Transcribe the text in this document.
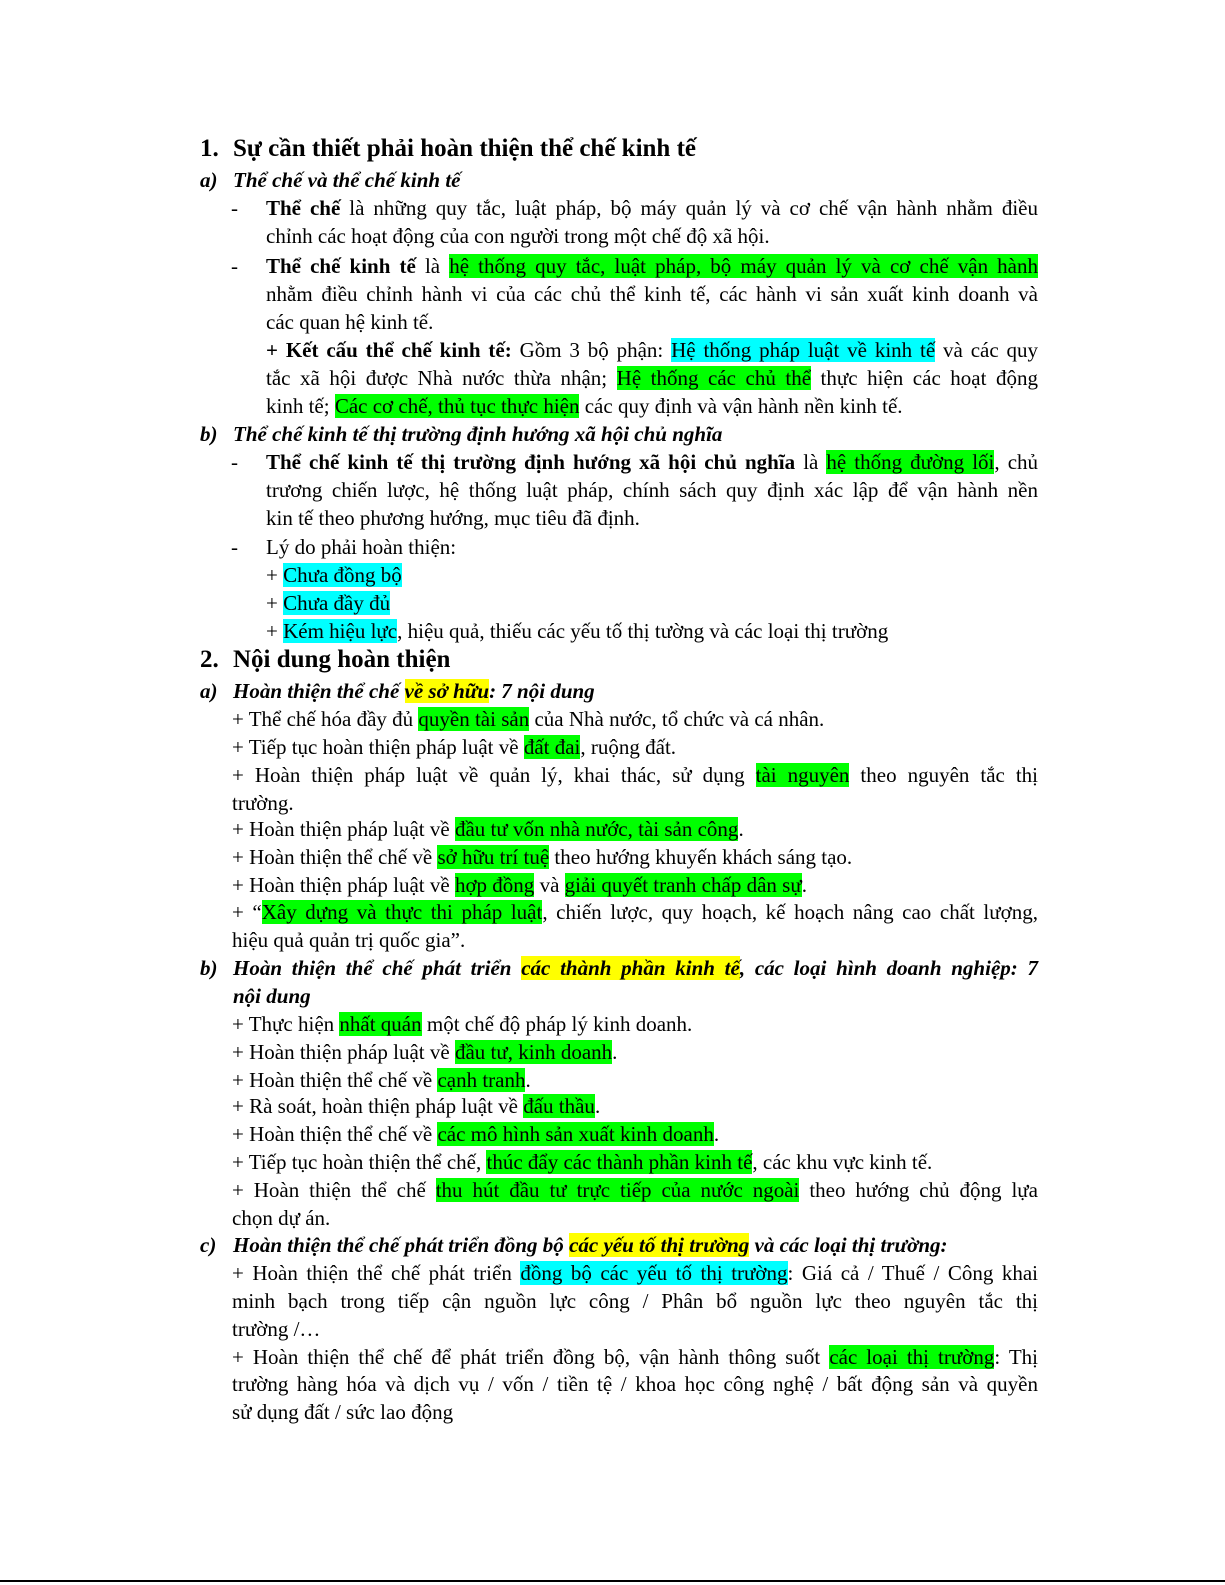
1. Sự cần thiết phải hoàn thiện thể chế kinh tế
a) Thể chế và thể chế kinh tế
- Thể chế là những quy tắc, luật pháp, bộ máy quản lý và cơ chế vận hành nhằm điều
chỉnh các hoạt động của con người trong một chế độ xã hội.
- Thể chế kinh tế là hệ thống quy tắc, luật pháp, bộ máy quản lý và cơ chế vận hành
nhằm điều chỉnh hành vi của các chủ thể kinh tế, các hành vi sản xuất kinh doanh và
các quan hệ kinh tế.
+ Kết cấu thể chế kinh tế: Gồm 3 bộ phận: Hệ thống pháp luật về kinh tế và các quy
tắc xã hội được Nhà nước thừa nhận; Hệ thống các chủ thể thực hiện các hoạt động
kinh tế; Các cơ chế, thủ tục thực hiện các quy định và vận hành nền kinh tế.
b) Thể chế kinh tế thị trường định hướng xã hội chủ nghĩa
- Thể chế kinh tế thị trường định hướng xã hội chủ nghĩa là hệ thống đường lối, chủ
trương chiến lược, hệ thống luật pháp, chính sách quy định xác lập để vận hành nền
kin tế theo phương hướng, mục tiêu đã định.
- Lý do phải hoàn thiện:
+ Chưa đồng bộ
+ Chưa đầy đủ
+ Kém hiệu lực, hiệu quả, thiếu các yếu tố thị tường và các loại thị trường
2. Nội dung hoàn thiện
a) Hoàn thiện thể chế về sở hữu: 7 nội dung
+ Thể chế hóa đầy đủ quyền tài sản của Nhà nước, tổ chức và cá nhân.
+ Tiếp tục hoàn thiện pháp luật về đất đai, ruộng đất.
+ Hoàn thiện pháp luật về quản lý, khai thác, sử dụng tài nguyên theo nguyên tắc thị
trường.
+ Hoàn thiện pháp luật về đầu tư vốn nhà nước, tài sản công.
+ Hoàn thiện thể chế về sở hữu trí tuệ theo hướng khuyến khách sáng tạo.
+ Hoàn thiện pháp luật về hợp đồng và giải quyết tranh chấp dân sự.
+ “Xây dựng và thực thi pháp luật, chiến lược, quy hoạch, kế hoạch nâng cao chất lượng,
hiệu quả quản trị quốc gia”.
b) Hoàn thiện thể chế phát triển các thành phần kinh tế, các loại hình doanh nghiệp: 7
nội dung
+ Thực hiện nhất quán một chế độ pháp lý kinh doanh.
+ Hoàn thiện pháp luật về đầu tư, kinh doanh.
+ Hoàn thiện thể chế về cạnh tranh.
+ Rà soát, hoàn thiện pháp luật về đấu thầu.
+ Hoàn thiện thể chế về các mô hình sản xuất kinh doanh.
+ Tiếp tục hoàn thiện thể chế, thúc đẩy các thành phần kinh tế, các khu vực kinh tế.
+ Hoàn thiện thể chế thu hút đầu tư trực tiếp của nước ngoài theo hướng chủ động lựa
chọn dự án.
c) Hoàn thiện thể chế phát triển đồng bộ các yếu tố thị trường và các loại thị trường:
+ Hoàn thiện thể chế phát triển đồng bộ các yếu tố thị trường: Giá cả / Thuế / Công khai
minh bạch trong tiếp cận nguồn lực công / Phân bổ nguồn lực theo nguyên tắc thị
trường /…
+ Hoàn thiện thể chế để phát triển đồng bộ, vận hành thông suốt các loại thị trường: Thị
trường hàng hóa và dịch vụ / vốn / tiền tệ / khoa học công nghệ / bất động sản và quyền
sử dụng đất / sức lao động
